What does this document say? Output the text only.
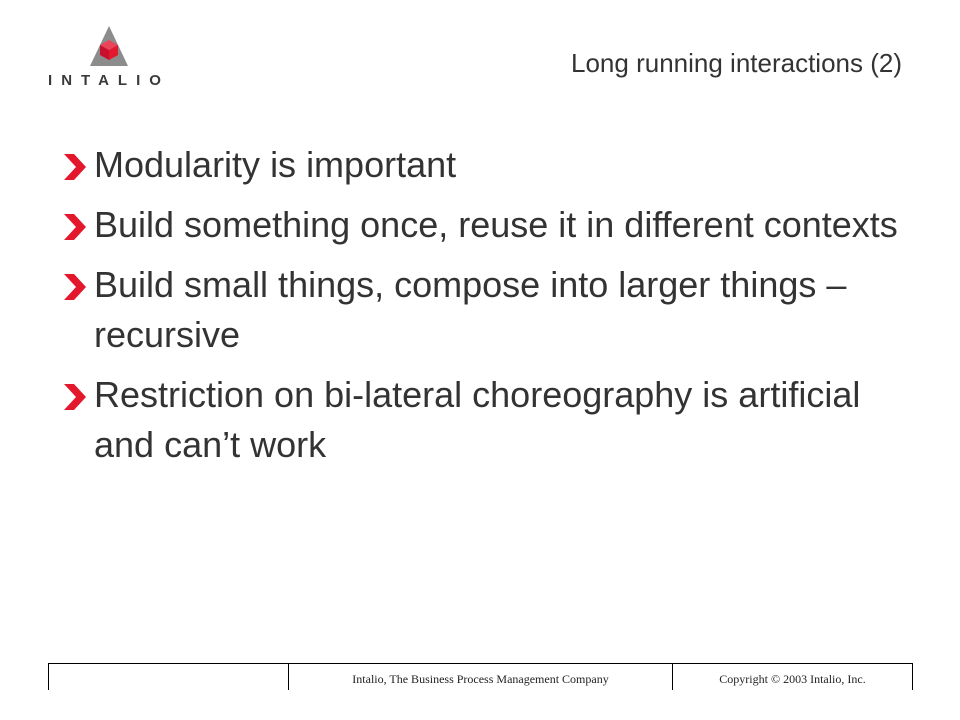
INTALIO
Long running interactions (2)
Modularity is important
Build something once, reuse it in different contexts
Build small things, compose into larger things – recursive
Restriction on bi-lateral choreography is artificial and can’t work
Intalio, The Business Process Management Company	Copyright © 2003 Intalio, Inc.
